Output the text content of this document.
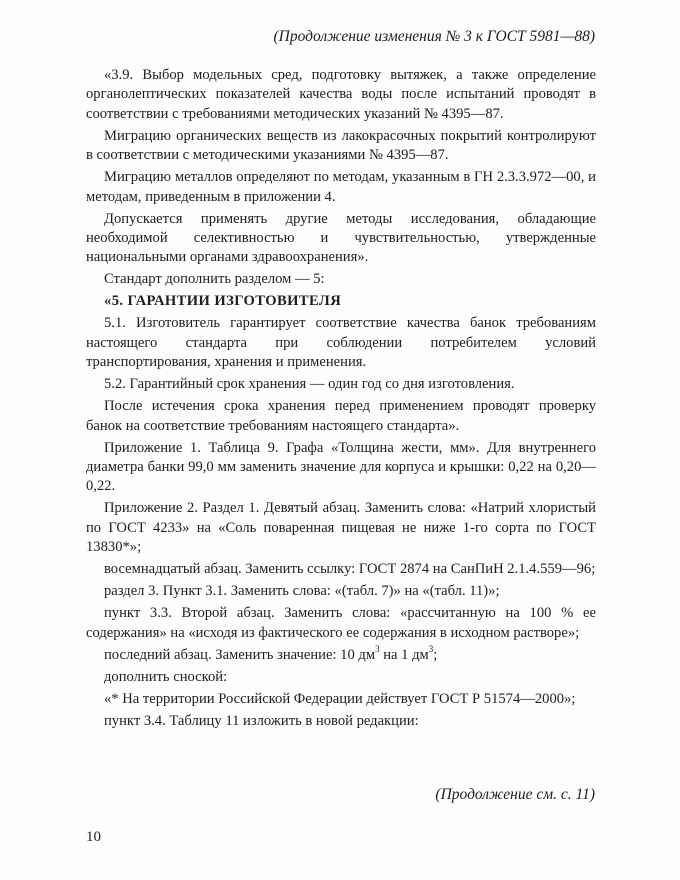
(Продолжение изменения № 3 к ГОСТ 5981—88)

«3.9. Выбор модельных сред, подготовку вытяжек, а также определение органолептических показателей качества воды после испытаний проводят в соответствии с требованиями методических указаний № 4395—87.

Миграцию органических веществ из лакокрасочных покрытий контролируют в соответствии с методическими указаниями № 4395—87.

Миграцию металлов определяют по методам, указанным в ГН 2.3.3.972—00, и методам, приведенным в приложении 4.

Допускается применять другие методы исследования, обладающие необходимой селективностью и чувствительностью, утвержденные национальными органами здравоохранения».

Стандарт дополнить разделом — 5:

«5. ГАРАНТИИ ИЗГОТОВИТЕЛЯ

5.1. Изготовитель гарантирует соответствие качества банок требованиям настоящего стандарта при соблюдении потребителем условий транспортирования, хранения и применения.

5.2. Гарантийный срок хранения — один год со дня изготовления.

После истечения срока хранения перед применением проводят проверку банок на соответствие требованиям настоящего стандарта».

Приложение 1. Таблица 9. Графа «Толщина жести, мм». Для внутреннего диаметра банки 99,0 мм заменить значение для корпуса и крышки: 0,22 на 0,20—0,22.

Приложение 2. Раздел 1. Девятый абзац. Заменить слова: «Натрий хлористый по ГОСТ 4233» на «Соль поваренная пищевая не ниже 1-го сорта по ГОСТ 13830*»;

восемнадцатый абзац. Заменить ссылку: ГОСТ 2874 на СанПиН 2.1.4.559—96;

раздел 3. Пункт 3.1. Заменить слова: «(табл. 7)» на «(табл. 11)»;

пункт 3.3. Второй абзац. Заменить слова: «рассчитанную на 100 % ее содержания» на «исходя из фактического ее содержания в исходном растворе»;

последний абзац. Заменить значение: 10 $дм^3$ на 1 $дм^3$;

дополнить сноской:

«* На территории Российской Федерации действует ГОСТ Р 51574—2000»;

пункт 3.4. Таблицу 11 изложить в новой редакции:

(Продолжение см. с. 11)
10
